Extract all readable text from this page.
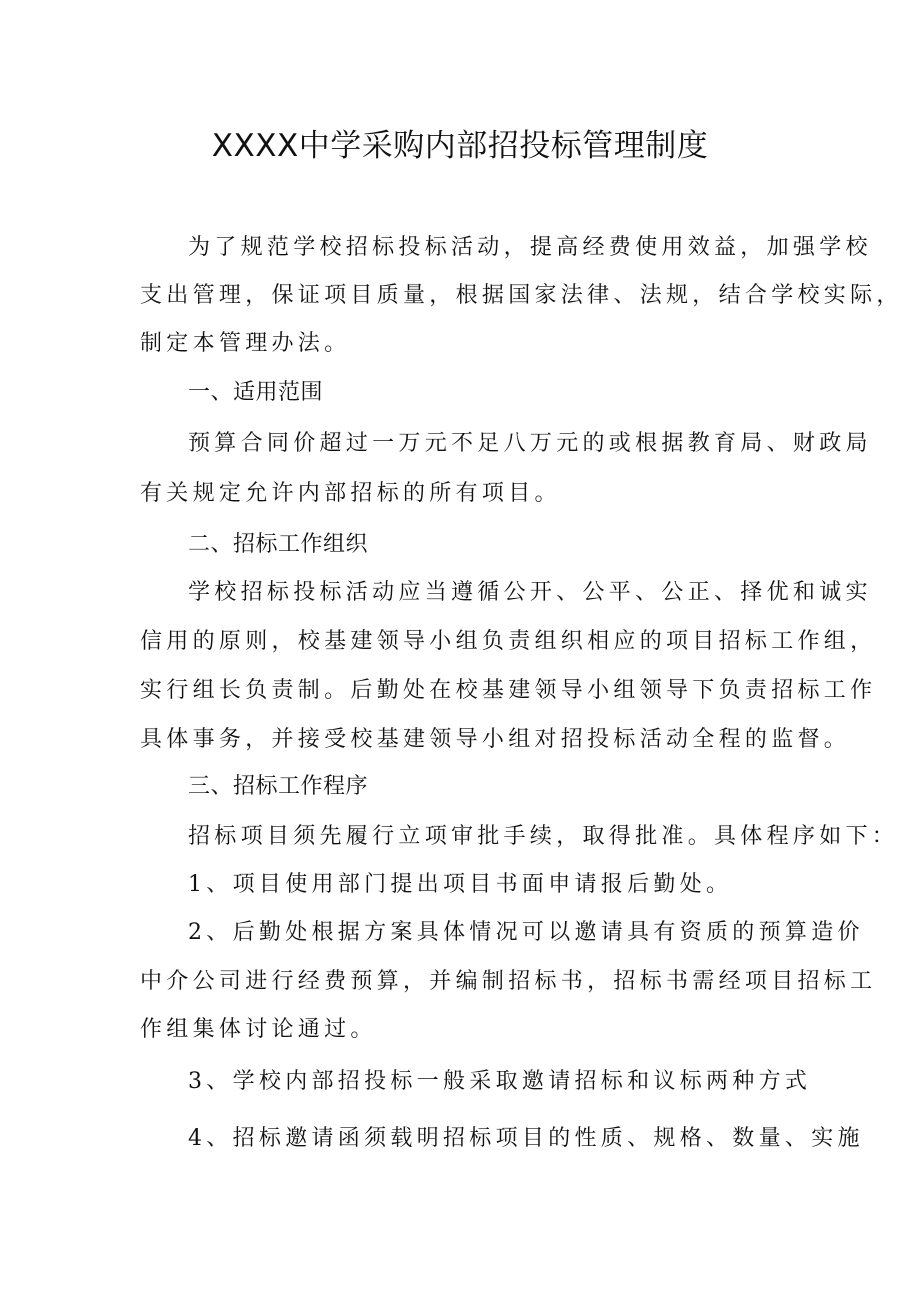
XXXX中学采购内部招投标管理制度
为了规范学校招标投标活动，提高经费使用效益，加强学校
支出管理，保证项目质量，根据国家法律、法规，结合学校实际，
制定本管理办法。
一、适用范围
预算合同价超过一万元不足八万元的或根据教育局、财政局
有关规定允许内部招标的所有项目。
二、招标工作组织
学校招标投标活动应当遵循公开、公平、公正、择优和诚实
信用的原则，校基建领导小组负责组织相应的项目招标工作组，
实行组长负责制。后勤处在校基建领导小组领导下负责招标工作
具体事务，并接受校基建领导小组对招投标活动全程的监督。
三、招标工作程序
招标项目须先履行立项审批手续，取得批准。具体程序如下：
1、项目使用部门提出项目书面申请报后勤处。
2、后勤处根据方案具体情况可以邀请具有资质的预算造价
中介公司进行经费预算，并编制招标书，招标书需经项目招标工
作组集体讨论通过。
3、学校内部招投标一般采取邀请招标和议标两种方式
4、招标邀请函须载明招标项目的性质、规格、数量、实施
